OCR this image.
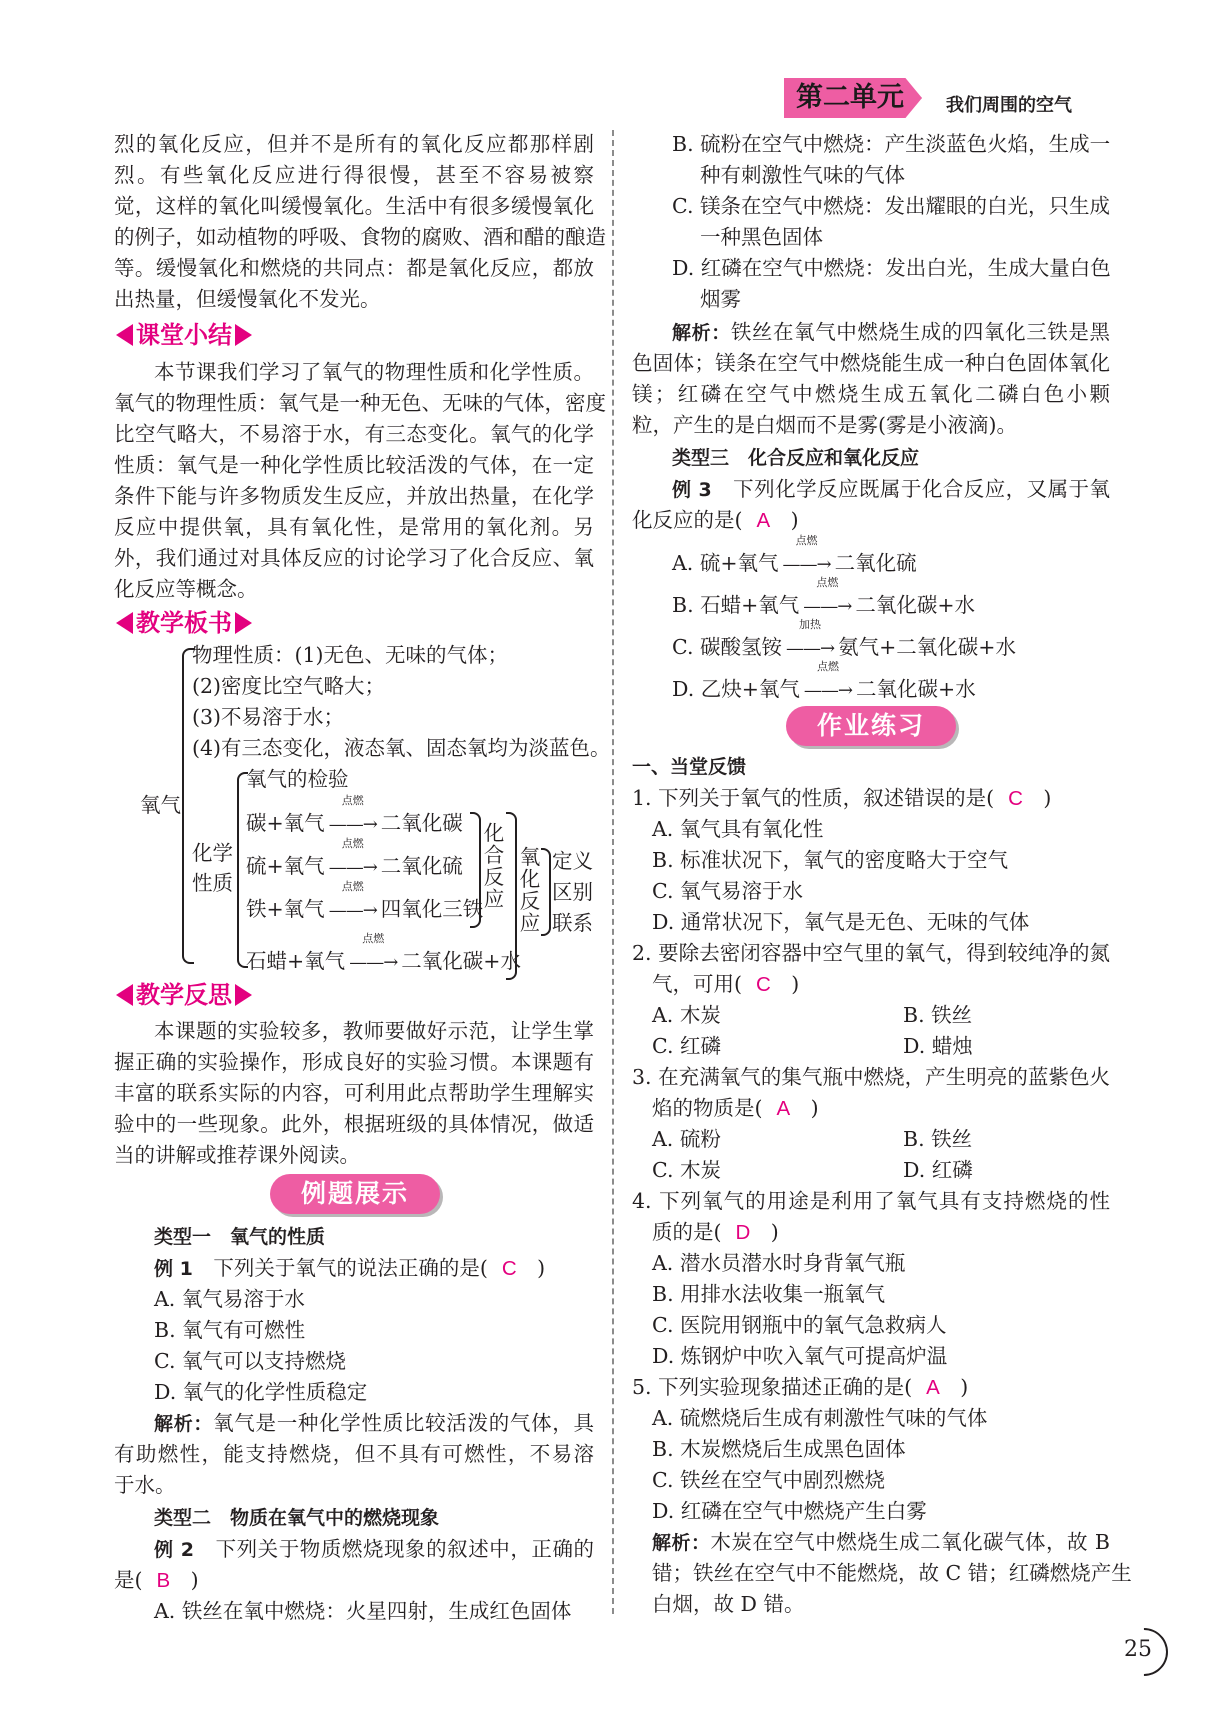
第二单元	我们周围的空气
烈的氧化反应，但并不是所有的氧化反应都那样剧
烈。有些氧化反应进行得很慢，甚至不容易被察
觉，这样的氧化叫缓慢氧化。生活中有很多缓慢氧化
的例子，如动植物的呼吸、食物的腐败、酒和醋的酿造
等。缓慢氧化和燃烧的共同点：都是氧化反应，都放
出热量，但缓慢氧化不发光。
课堂小结
本节课我们学习了氧气的物理性质和化学性质。
氧气的物理性质：氧气是一种无色、无味的气体，密度
比空气略大，不易溶于水，有三态变化。氧气的化学
性质：氧气是一种化学性质比较活泼的气体，在一定
条件下能与许多物质发生反应，并放出热量，在化学
反应中提供氧，具有氧化性，是常用的氧化剂。另
外，我们通过对具体反应的讨论学习了化合反应、氧
化反应等概念。
教学板书
氧气
物理性质：(1)无色、无味的气体；
(2)密度比空气略大；
(3)不易溶于水；
(4)有三态变化，液态氧、固态氧均为淡蓝色。
化学性质
氧气的检验
碳+氧气
点燃
——→ 二氧化碳
硫+氧气
点燃
——→ 二氧化硫
铁+氧气
点燃
——→ 四氧化三铁
石蜡+氧气
点燃
——→ 二氧化碳+水
化合反应
氧化反应
定义
区别
联系
教学反思
本课题的实验较多，教师要做好示范，让学生掌
握正确的实验操作，形成良好的实验习惯。本课题有
丰富的联系实际的内容，可利用此点帮助学生理解实
验中的一些现象。此外，根据班级的具体情况，做适
当的讲解或推荐课外阅读。
例题展示
类型一　氧气的性质
例 1　下列关于氧气的说法正确的是( C　)
A. 氧气易溶于水
B. 氧气有可燃性
C. 氧气可以支持燃烧
D. 氧气的化学性质稳定
解析：氧气是一种化学性质比较活泼的气体，具
有助燃性，能支持燃烧，但不具有可燃性，不易溶
于水。
类型二　物质在氧气中的燃烧现象
例 2　下列关于物质燃烧现象的叙述中，正确的
是( B　)
A. 铁丝在氧中燃烧：火星四射，生成红色固体
B. 硫粉在空气中燃烧：产生淡蓝色火焰，生成一
种有刺激性气味的气体
C. 镁条在空气中燃烧：发出耀眼的白光，只生成
一种黑色固体
D. 红磷在空气中燃烧：发出白光，生成大量白色
烟雾
解析：铁丝在氧气中燃烧生成的四氧化三铁是黑
色固体；镁条在空气中燃烧能生成一种白色固体氧化
镁；红磷在空气中燃烧生成五氧化二磷白色小颗
粒，产生的是白烟而不是雾(雾是小液滴)。
类型三　化合反应和氧化反应
例 3　下列化学反应既属于化合反应，又属于氧
化反应的是( A　)
A. 硫+氧气
点燃
——→ 二氧化硫
B. 石蜡+氧气
点燃
——→ 二氧化碳+水
C. 碳酸氢铵
加热
——→ 氨气+二氧化碳+水
D. 乙炔+氧气
点燃
——→ 二氧化碳+水
作业练习
一、当堂反馈
1. 下列关于氧气的性质，叙述错误的是( C　)
A. 氧气具有氧化性
B. 标准状况下，氧气的密度略大于空气
C. 氧气易溶于水
D. 通常状况下，氧气是无色、无味的气体
2. 要除去密闭容器中空气里的氧气，得到较纯净的氮
气，可用( C　)
A. 木炭	B. 铁丝
C. 红磷	D. 蜡烛
3. 在充满氧气的集气瓶中燃烧，产生明亮的蓝紫色火
焰的物质是( A　)
A. 硫粉	B. 铁丝
C. 木炭	D. 红磷
4. 下列氧气的用途是利用了氧气具有支持燃烧的性
质的是( D　)
A. 潜水员潜水时身背氧气瓶
B. 用排水法收集一瓶氧气
C. 医院用钢瓶中的氧气急救病人
D. 炼钢炉中吹入氧气可提高炉温
5. 下列实验现象描述正确的是( A　)
A. 硫燃烧后生成有刺激性气味的气体
B. 木炭燃烧后生成黑色固体
C. 铁丝在空气中剧烈燃烧
D. 红磷在空气中燃烧产生白雾
解析：木炭在空气中燃烧生成二氧化碳气体，故 B
错；铁丝在空气中不能燃烧，故 C 错；红磷燃烧产生
白烟，故 D 错。
25
